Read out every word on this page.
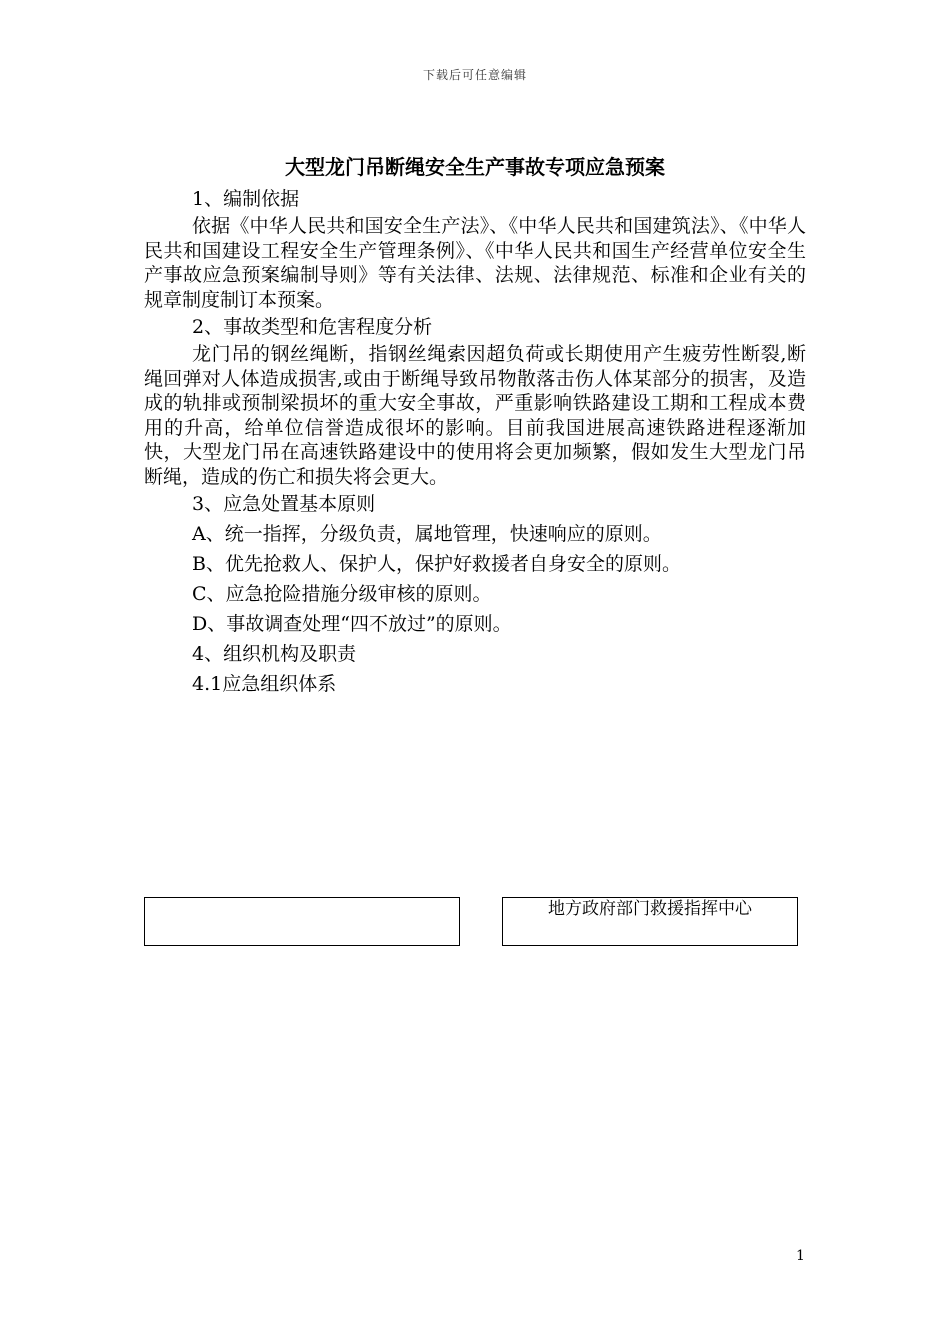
下载后可任意编辑

大型龙门吊断绳安全生产事故专项应急预案

1、编制依据

依据《中华人民共和国安全生产法》、《中华人民共和国建筑法》、《中华人民共和国建设工程安全生产管理条例》、《中华人民共和国生产经营单位安全生产事故应急预案编制导则》等有关法律、法规、法律规范、标准和企业有关的规章制度制订本预案。

2、事故类型和危害程度分析

龙门吊的钢丝绳断，指钢丝绳索因超负荷或长期使用产生疲劳性断裂,断绳回弹对人体造成损害,或由于断绳导致吊物散落击伤人体某部分的损害，及造成的轨排或预制梁损坏的重大安全事故，严重影响铁路建设工期和工程成本费用的升高，给单位信誉造成很坏的影响。目前我国进展高速铁路进程逐渐加快，大型龙门吊在高速铁路建设中的使用将会更加频繁，假如发生大型龙门吊断绳，造成的伤亡和损失将会更大。

3、应急处置基本原则

A、统一指挥，分级负责，属地管理，快速响应的原则。

B、优先抢救人、保护人，保护好救援者自身安全的原则。

C、应急抢险措施分级审核的原则。

D、事故调查处理“四不放过”的原则。

4、组织机构及职责

4.1应急组织体系

地方政府部门救援指挥中心
1
